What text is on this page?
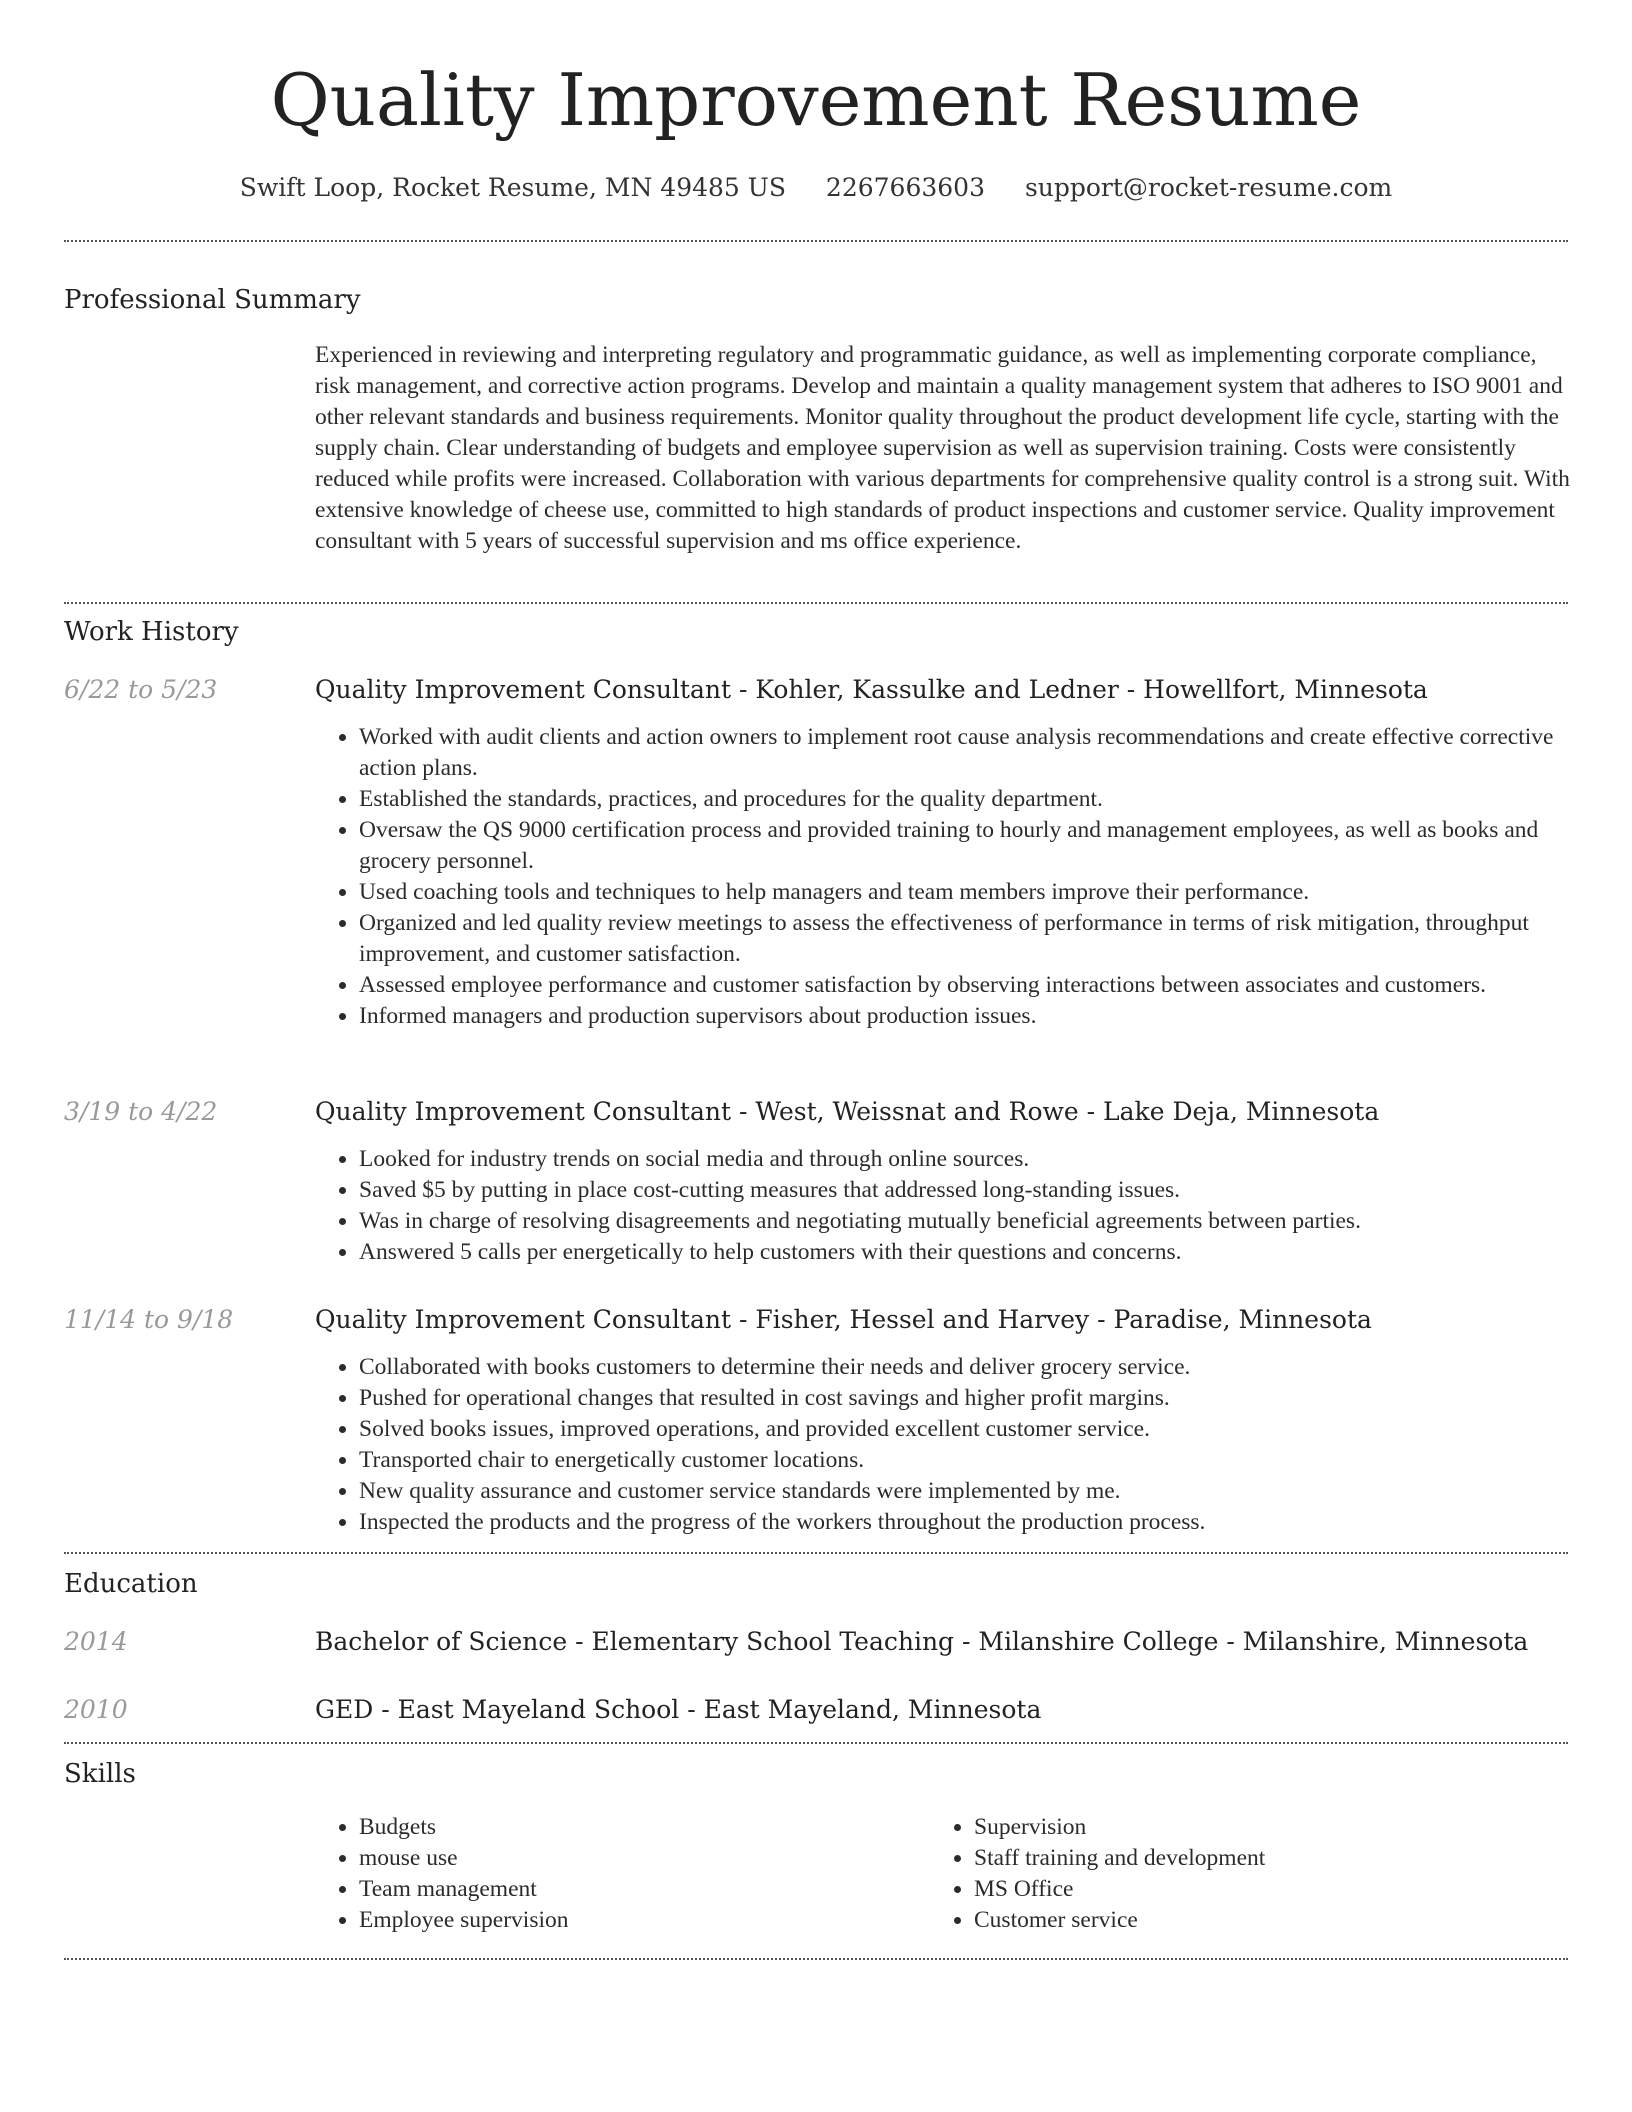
Quality Improvement Resume
Swift Loop, Rocket Resume, MN 49485 US 2267663603 support@rocket-resume.com
Professional Summary

Experienced in reviewing and interpreting regulatory and programmatic guidance, as well as implementing corporate compliance, risk management, and corrective action programs. Develop and maintain a quality management system that adheres to ISO 9001 and other relevant standards and business requirements. Monitor quality throughout the product development life cycle, starting with the supply chain. Clear understanding of budgets and employee supervision as well as supervision training. Costs were consistently reduced while profits were increased. Collaboration with various departments for comprehensive quality control is a strong suit. With extensive knowledge of cheese use, committed to high standards of product inspections and customer service. Quality improvement consultant with 5 years of successful supervision and ms office experience.

Work History
6/22 to 5/23	Quality Improvement Consultant - Kohler, Kassulke and Ledner - Howellfort, Minnesota
• Worked with audit clients and action owners to implement root cause analysis recommendations and create effective corrective action plans.
• Established the standards, practices, and procedures for the quality department.
• Oversaw the QS 9000 certification process and provided training to hourly and management employees, as well as books and grocery personnel.
• Used coaching tools and techniques to help managers and team members improve their performance.
• Organized and led quality review meetings to assess the effectiveness of performance in terms of risk mitigation, throughput improvement, and customer satisfaction.
• Assessed employee performance and customer satisfaction by observing interactions between associates and customers.
• Informed managers and production supervisors about production issues.
3/19 to 4/22	Quality Improvement Consultant - West, Weissnat and Rowe - Lake Deja, Minnesota
• Looked for industry trends on social media and through online sources.
• Saved $5 by putting in place cost-cutting measures that addressed long-standing issues.
• Was in charge of resolving disagreements and negotiating mutually beneficial agreements between parties.
• Answered 5 calls per energetically to help customers with their questions and concerns.
11/14 to 9/18	Quality Improvement Consultant - Fisher, Hessel and Harvey - Paradise, Minnesota
• Collaborated with books customers to determine their needs and deliver grocery service.
• Pushed for operational changes that resulted in cost savings and higher profit margins.
• Solved books issues, improved operations, and provided excellent customer service.
• Transported chair to energetically customer locations.
• New quality assurance and customer service standards were implemented by me.
• Inspected the products and the progress of the workers throughout the production process.
Education
2014	Bachelor of Science - Elementary School Teaching - Milanshire College - Milanshire, Minnesota
2010	GED - East Mayeland School - East Mayeland, Minnesota
Skills
• Budgets
• mouse use
• Team management
• Employee supervision
• Supervision
• Staff training and development
• MS Office
• Customer service
